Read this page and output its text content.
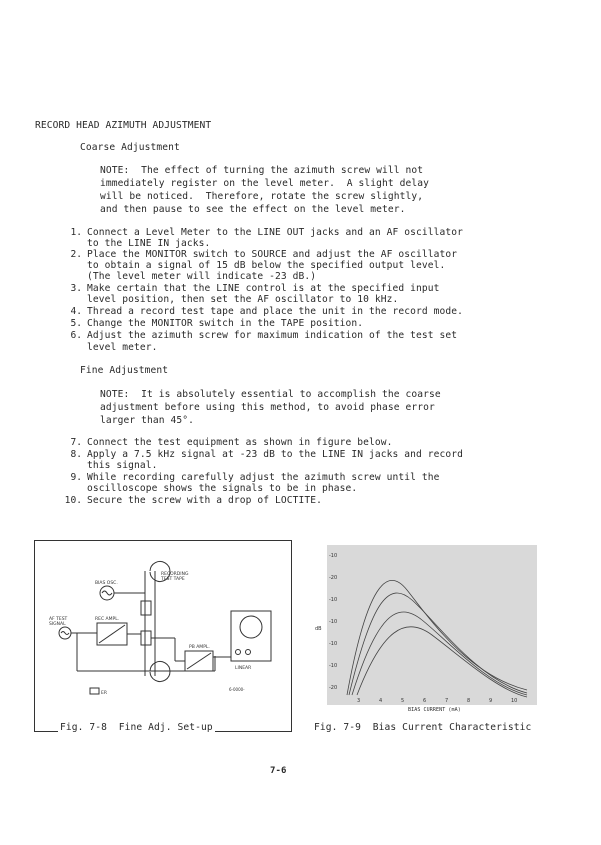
RECORD HEAD AZIMUTH ADJUSTMENT
Coarse Adjustment
NOTE:  The effect of turning the azimuth screw will not
immediately register on the level meter.  A slight delay
will be noticed.  Therefore, rotate the screw slightly,
and then pause to see the effect on the level meter.
1. Connect a Level Meter to the LINE OUT jacks and an AF oscillator
to the LINE IN jacks.
2. Place the MONITOR switch to SOURCE and adjust the AF oscillator
to obtain a signal of 15 dB below the specified output level.
(The level meter will indicate -23 dB.)
3. Make certain that the LINE control is at the specified input
level position, then set the AF oscillator to 10 kHz.
4. Thread a record test tape and place the unit in the record mode.
5. Change the MONITOR switch in the TAPE position.
6. Adjust the azimuth screw for maximum indication of the test set
level meter.
Fine Adjustment
NOTE:  It is absolutely essential to accomplish the coarse
adjustment before using this method, to avoid phase error
larger than 45°.
7. Connect the test equipment as shown in figure below.
8. Apply a 7.5 kHz signal at -23 dB to the LINE IN jacks and record
this signal.
9. While recording carefully adjust the azimuth screw until the
oscilloscope shows the signals to be in phase.
10. Secure the screw with a drop of LOCTITE.
RECORDING
TEST TAPE
BIAS OSC.
REC AMPL.
AF TEST
SIGNAL
PB AMPL.
LINEAR
ER
6-0000-
Fig. 7-8  Fine Adj. Set-up
-10
-20
-10
-10
-10
-10
-20
dB
3	4	5	6	7	8	9	10
BIAS CURRENT (mA)
Fig. 7-9  Bias Current Characteristic
7-6
